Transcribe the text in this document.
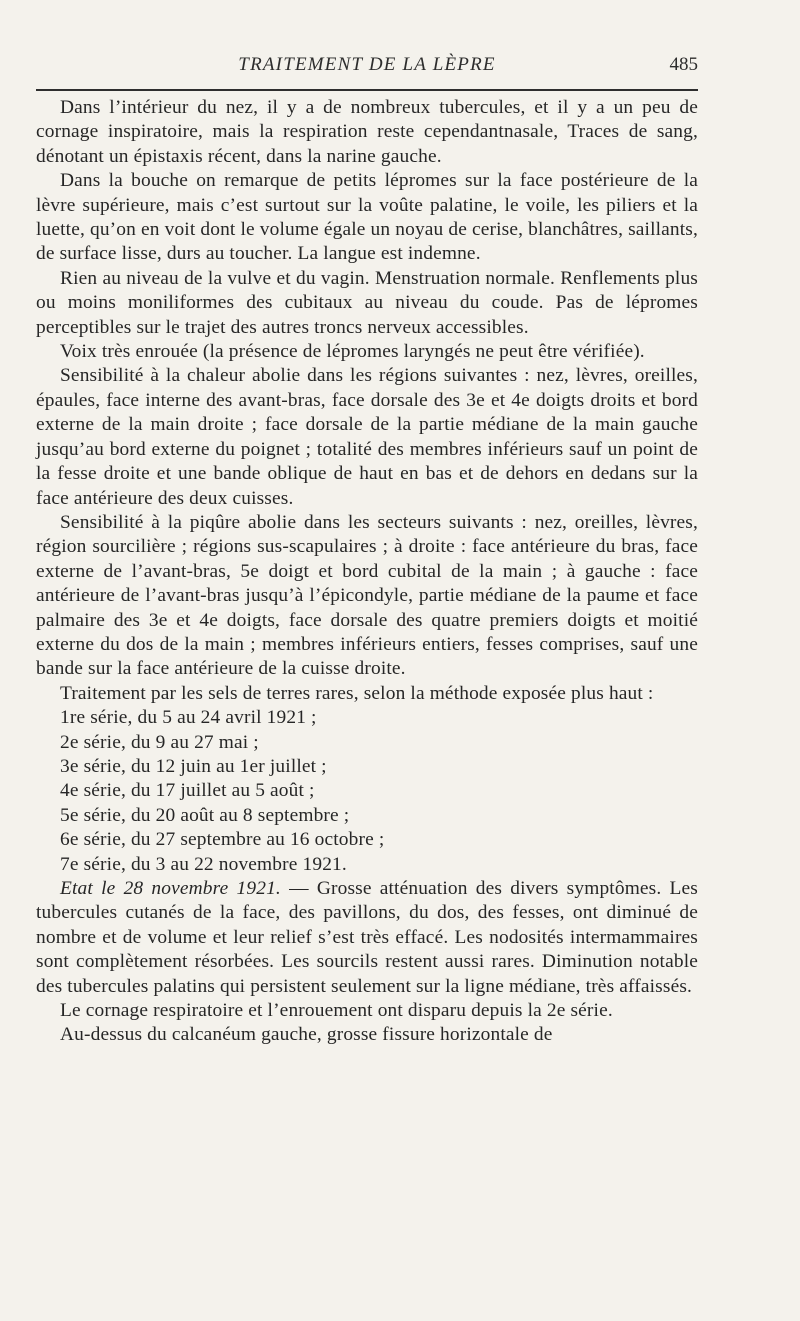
TRAITEMENT DE LA LÈPRE	485

Dans l’intérieur du nez, il y a de nombreux tubercules, et il y a un peu de cornage inspiratoire, mais la respiration reste cependantnasale, Traces de sang, dénotant un épistaxis récent, dans la narine gauche.

Dans la bouche on remarque de petits lépromes sur la face postérieure de la lèvre supérieure, mais c’est surtout sur la voûte palatine, le voile, les piliers et la luette, qu’on en voit dont le volume égale un noyau de cerise, blanchâtres, saillants, de surface lisse, durs au toucher. La langue est indemne.

Rien au niveau de la vulve et du vagin. Menstruation normale. Renflements plus ou moins moniliformes des cubitaux au niveau du coude. Pas de lépromes perceptibles sur le trajet des autres troncs nerveux accessibles.

Voix très enrouée (la présence de lépromes laryngés ne peut être vérifiée).

Sensibilité à la chaleur abolie dans les régions suivantes : nez, lèvres, oreilles, épaules, face interne des avant-bras, face dorsale des 3e et 4e doigts droits et bord externe de la main droite ; face dorsale de la partie médiane de la main gauche jusqu’au bord externe du poignet ; totalité des membres inférieurs sauf un point de la fesse droite et une bande oblique de haut en bas et de dehors en dedans sur la face antérieure des deux cuisses.

Sensibilité à la piqûre abolie dans les secteurs suivants : nez, oreilles, lèvres, région sourcilière ; régions sus-scapulaires ; à droite : face antérieure du bras, face externe de l’avant-bras, 5e doigt et bord cubital de la main ; à gauche : face antérieure de l’avant-bras jusqu’à l’épicondyle, partie médiane de la paume et face palmaire des 3e et 4e doigts, face dorsale des quatre premiers doigts et moitié externe du dos de la main ; membres inférieurs entiers, fesses comprises, sauf une bande sur la face antérieure de la cuisse droite.

Traitement par les sels de terres rares, selon la méthode exposée plus haut :

1re série, du 5 au 24 avril 1921 ;
2e série, du 9 au 27 mai ;
3e série, du 12 juin au 1er juillet ;
4e série, du 17 juillet au 5 août ;
5e série, du 20 août au 8 septembre ;
6e série, du 27 septembre au 16 octobre ;
7e série, du 3 au 22 novembre 1921.

Etat le 28 novembre 1921. — Grosse atténuation des divers symptômes. Les tubercules cutanés de la face, des pavillons, du dos, des fesses, ont diminué de nombre et de volume et leur relief s’est très effacé. Les nodosités intermammaires sont complètement résorbées. Les sourcils restent aussi rares. Diminution notable des tubercules palatins qui persistent seulement sur la ligne médiane, très affaissés.

Le cornage respiratoire et l’enrouement ont disparu depuis la 2e série.

Au-dessus du calcanéum gauche, grosse fissure horizontale de
